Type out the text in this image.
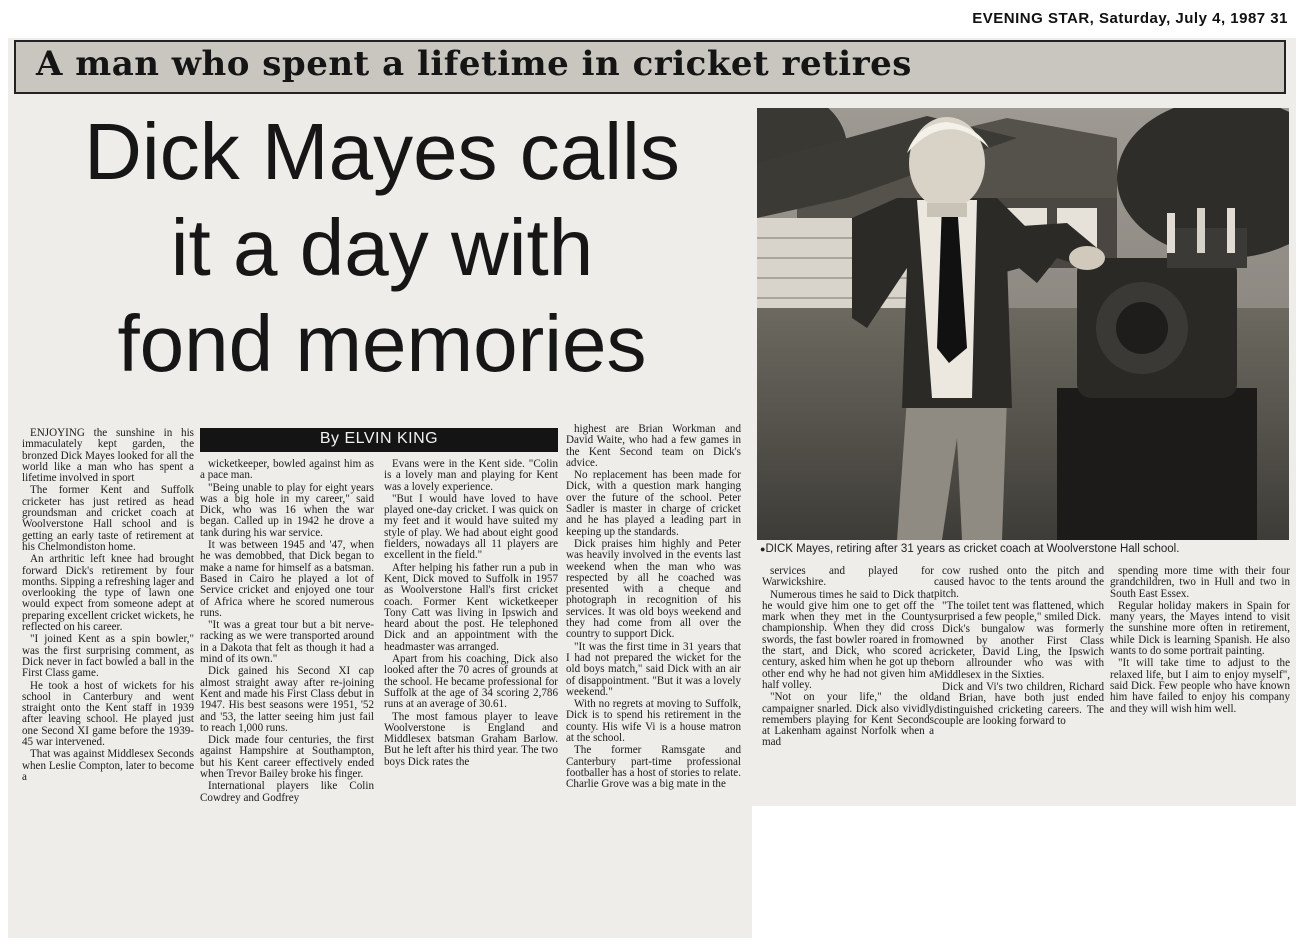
EVENING STAR, Saturday, July 4, 1987 31
A man who spent a lifetime in cricket retires
Dick Mayes calls
it a day with
fond memories
● DICK Mayes, retiring after 31 years as cricket coach at Woolverstone Hall school.
By ELVIN KING

ENJOYING the sunshine in his immaculately kept garden, the bronzed Dick Mayes looked for all the world like a man who has spent a lifetime involved in sport

The former Kent and Suffolk cricketer has just retired as head groundsman and cricket coach at Woolverstone Hall school and is getting an early taste of retirement at his Chelmondiston home.

An arthritic left knee had brought forward Dick's retirement by four months. Sipping a refreshing lager and overlooking the type of lawn one would expect from someone adept at preparing excellent cricket wickets, he reflected on his career.

"I joined Kent as a spin bowler," was the first surprising comment, as Dick never in fact bowled a ball in the First Class game.

He took a host of wickets for his school in Canterbury and went straight onto the Kent staff in 1939 after leaving school. He played just one Second XI game before the 1939-45 war intervened.

That was against Middlesex Seconds when Leslie Compton, later to become a

wicketkeeper, bowled against him as a pace man.

"Being unable to play for eight years was a big hole in my career," said Dick, who was 16 when the war began. Called up in 1942 he drove a tank during his war service.

It was between 1945 and '47, when he was demobbed, that Dick began to make a name for himself as a batsman. Based in Cairo he played a lot of Service cricket and enjoyed one tour of Africa where he scored numerous runs.

"It was a great tour but a bit nerve-racking as we were transported around in a Dakota that felt as though it had a mind of its own."

Dick gained his Second XI cap almost straight away after re-joining Kent and made his First Class debut in 1947. His best seasons were 1951, '52 and '53, the latter seeing him just fail to reach 1,000 runs.

Dick made four centuries, the first against Hampshire at Southampton, but his Kent career effectively ended when Trevor Bailey broke his finger.

International players like Colin Cowdrey and Godfrey

Evans were in the Kent side. "Colin is a lovely man and playing for Kent was a lovely experience.

"But I would have loved to have played one-day cricket. I was quick on my feet and it would have suited my style of play. We had about eight good fielders, nowadays all 11 players are excellent in the field."

After helping his father run a pub in Kent, Dick moved to Suffolk in 1957 as Woolverstone Hall's first cricket coach. Former Kent wicketkeeper Tony Catt was living in Ipswich and heard about the post. He telephoned Dick and an appointment with the headmaster was arranged.

Apart from his coaching, Dick also looked after the 70 acres of grounds at the school. He became professional for Suffolk at the age of 34 scoring 2,786 runs at an average of 30.61.

The most famous player to leave Woolverstone is England and Middlesex batsman Graham Barlow. But he left after his third year. The two boys Dick rates the

highest are Brian Workman and David Waite, who had a few games in the Kent Second team on Dick's advice.

No replacement has been made for Dick, with a question mark hanging over the future of the school. Peter Sadler is master in charge of cricket and he has played a leading part in keeping up the standards.

Dick praises him highly and Peter was heavily involved in the events last weekend when the man who was respected by all he coached was presented with a cheque and photograph in recognition of his services. It was old boys weekend and they had come from all over the country to support Dick.

"It was the first time in 31 years that I had not prepared the wicket for the old boys match," said Dick with an air of disappointment. "But it was a lovely weekend."

With no regrets at moving to Suffolk, Dick is to spend his retirement in the county. His wife Vi is a house matron at the school.

The former Ramsgate and Canterbury part-time professional footballer has a host of stories to relate. Charlie Grove was a big mate in the

services and played for Warwickshire.

Numerous times he said to Dick that he would give him one to get off the mark when they met in the County championship. When they did cross swords, the fast bowler roared in from the start, and Dick, who scored a century, asked him when he got up the other end why he had not given him a half volley.

"Not on your life," the old campaigner snarled. Dick also vividly remembers playing for Kent Seconds at Lakenham against Norfolk when a mad

cow rushed onto the pitch and caused havoc to the tents around the pitch.

"The toilet tent was flattened, which surprised a few people," smiled Dick.

Dick's bungalow was formerly owned by another First Class cricketer, David Ling, the Ipswich born allrounder who was with Middlesex in the Sixties.

Dick and Vi's two children, Richard and Brian, have both just ended distinguished cricketing careers. The couple are looking forward to

spending more time with their four grandchildren, two in Hull and two in South East Essex.

Regular holiday makers in Spain for many years, the Mayes intend to visit the sunshine more often in retirement, while Dick is learning Spanish. He also wants to do some portrait painting.

"It will take time to adjust to the relaxed life, but I aim to enjoy myself", said Dick. Few people who have known him have failed to enjoy his company and they will wish him well.
